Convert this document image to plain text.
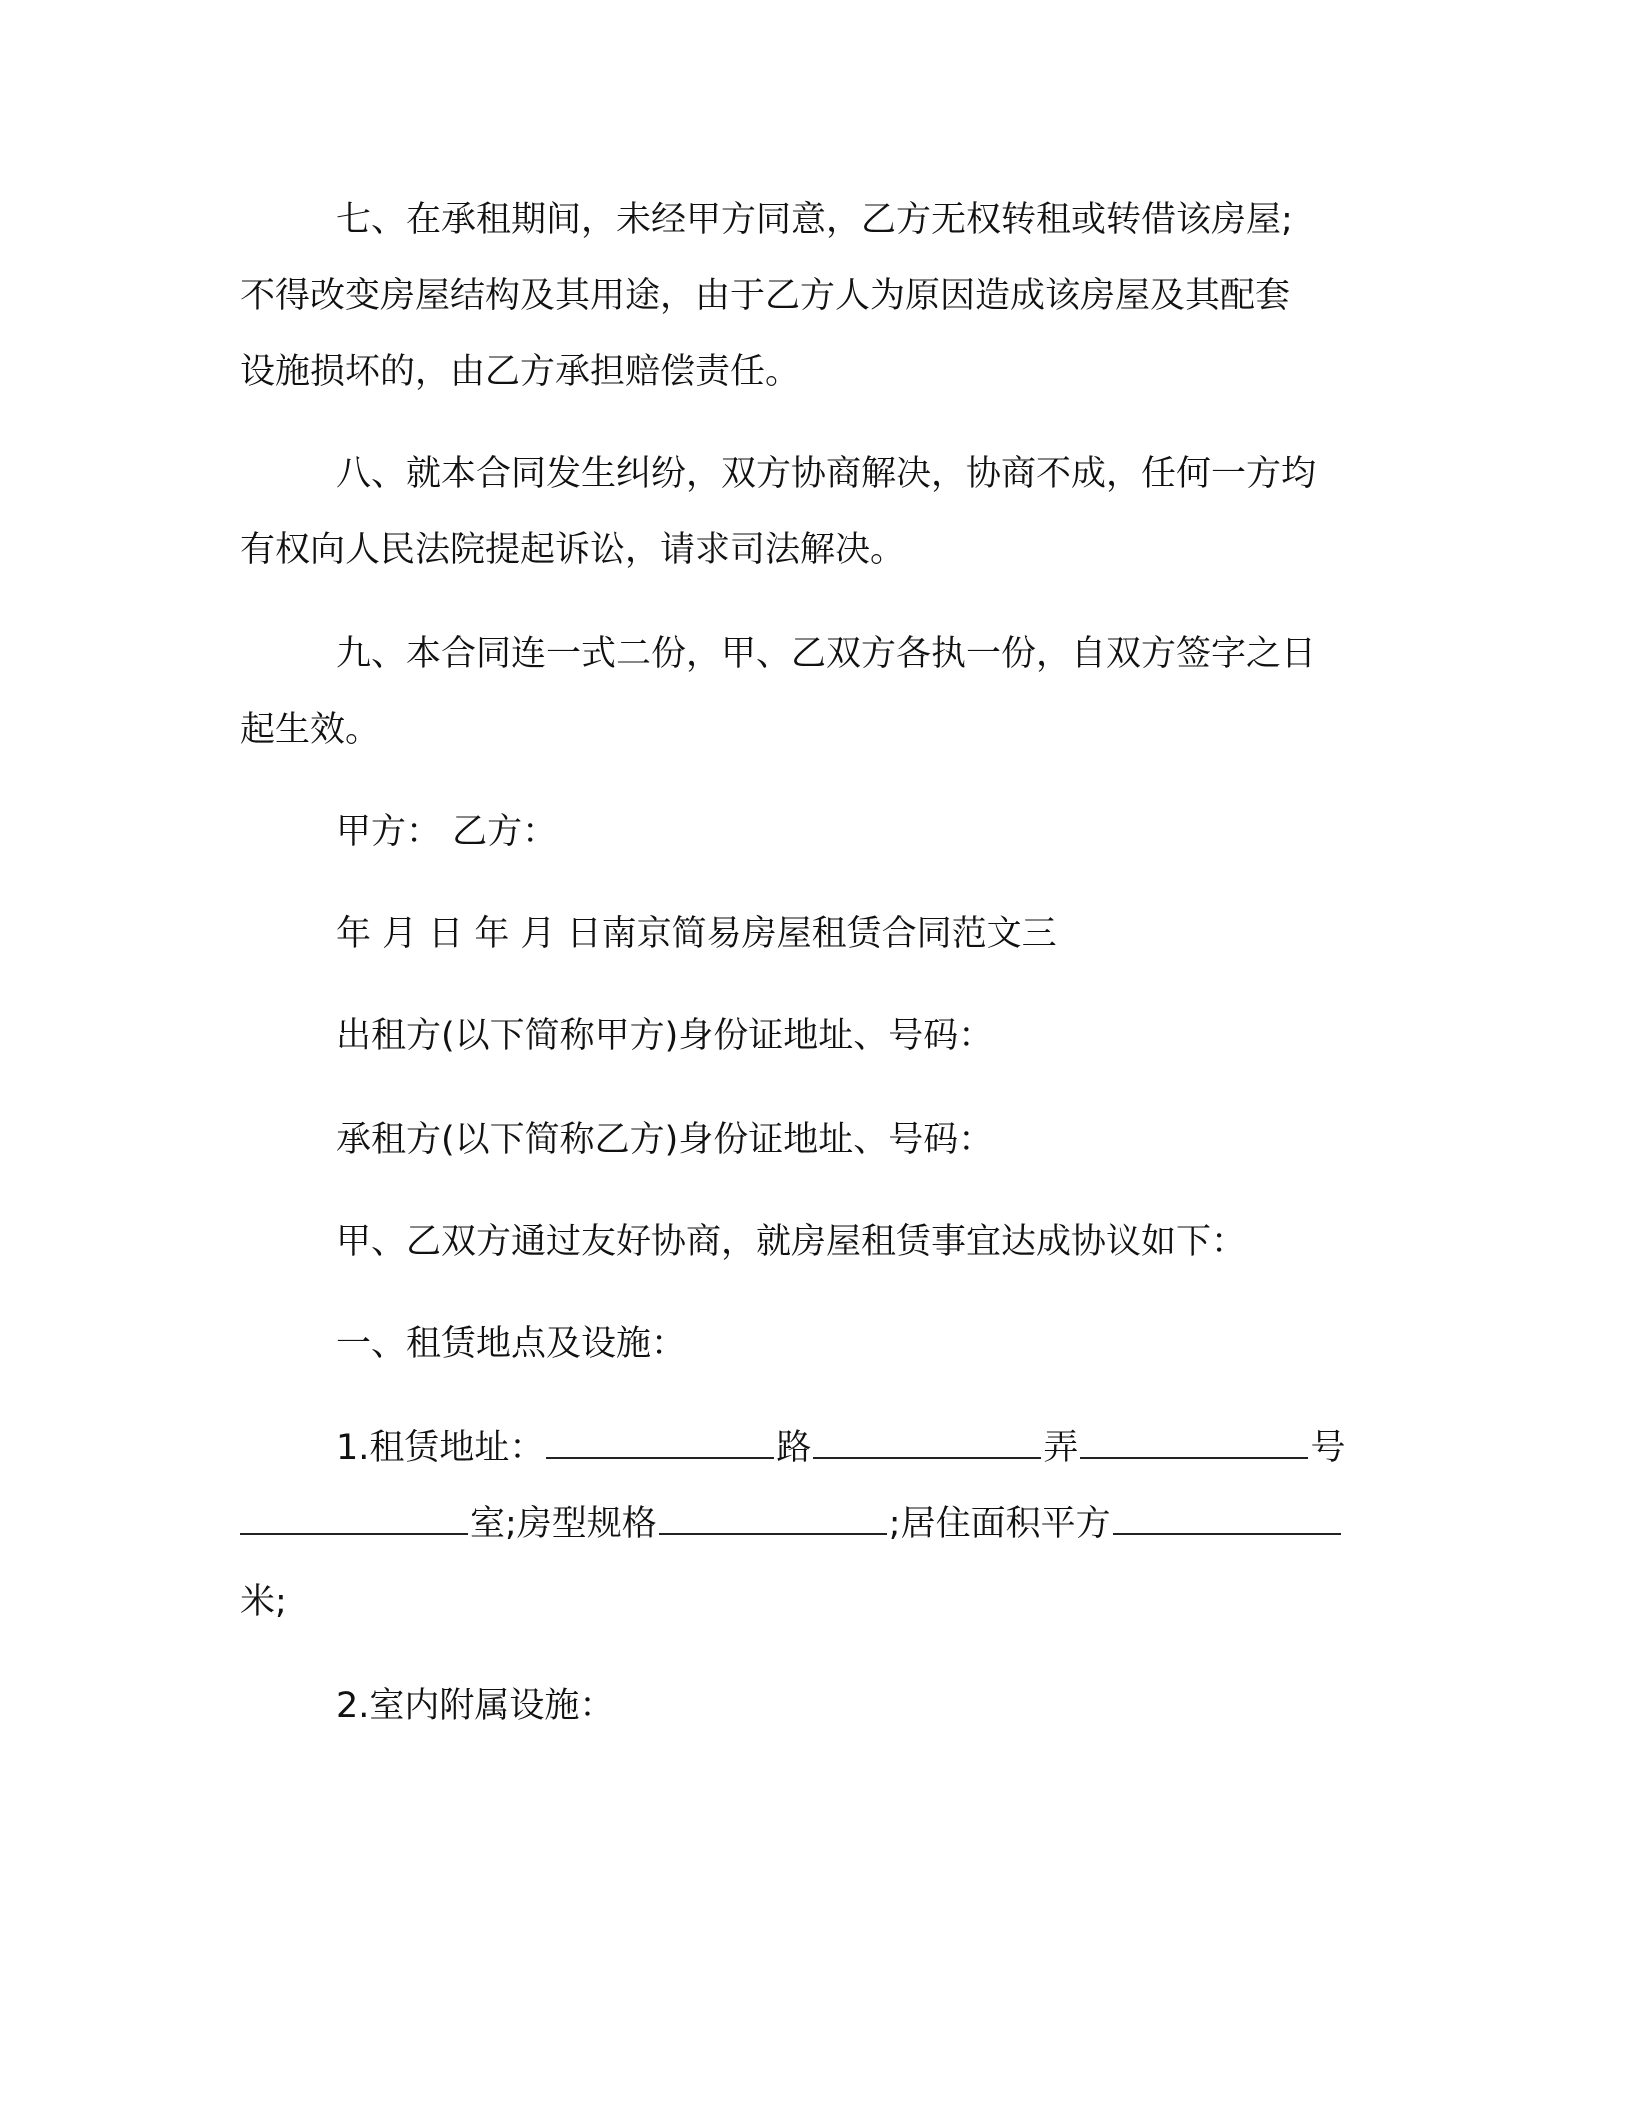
七、在承租期间，未经甲方同意，乙方无权转租或转借该房屋;
不得改变房屋结构及其用途，由于乙方人为原因造成该房屋及其配套
设施损坏的，由乙方承担赔偿责任。
八、就本合同发生纠纷，双方协商解决，协商不成，任何一方均
有权向人民法院提起诉讼，请求司法解决。
九、本合同连一式二份，甲、乙双方各执一份，自双方签字之日
起生效。
甲方： 乙方：
年 月 日 年 月 日南京简易房屋租赁合同范文三
出租方(以下简称甲方)身份证地址、号码：
承租方(以下简称乙方)身份证地址、号码：
甲、乙双方通过友好协商，就房屋租赁事宜达成协议如下：
一、租赁地点及设施：
1.租赁地址：	路	弄	号
室;房型规格	;居住面积平方
米;
2.室内附属设施：
